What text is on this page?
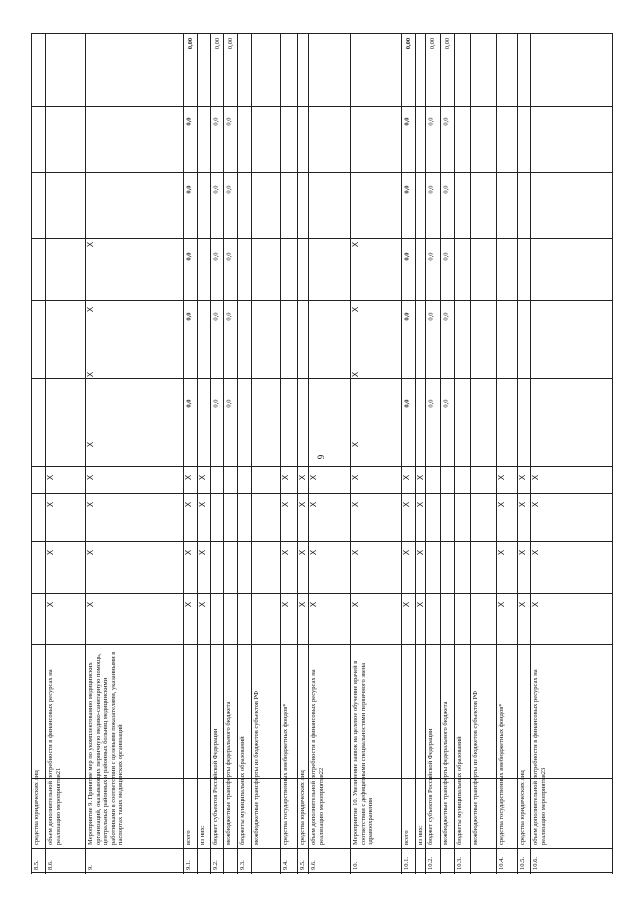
8.5.
средства юридических лиц
8.6.
объем дополнительной потребности в финансовых ресурсах на реализацию мероприятия21
X
X
X
X
9.
Мероприятие 9. Принятие мер по укомплектованию медицинских организаций, оказывающих первичную медико-санитарную помощь, центральных районных и районных больниц медицинскими работниками в соответствии с целевыми показателями, указанными в паспортах таких медицинских организаций
X
X
X
X
X
X
X
X
9.1.
всего
X
X
X
X
0,0
0,0
0,0
0,0
0,0
0,00
из них:
X
X
X
X
9.2.
бюджет субъектов Российской Федерации
0,0
0,0
0,0
0,0
0,0
0,00
межбюджетные трансферты федерального бюджета
0,0
0,0
0,0
0,0
0,0
0,00
9.3.
бюджеты муниципальных образований	межбюджетные трансферты из бюджетов субъектов РФ
9.4.
средства государственных внебюджетных фондов*
X
X
X
X
9.5.
средства юридических лиц
X
X
X
X
9.6.
объем дополнительной потребности в финансовых ресурсах на реализацию мероприятия22
X
X
X
X
10.
Мероприятие 10. Увеличение заявок на целевое обучение врачей в соответствии с дефицитными специальностями первичного звена здравоохранения
X
X
X
X
X
X
X
X
10.1.
всего
X
X
X
X
0,0
0,0
0,0
0,0
0,0
0,00
из них:
X
X
X
X
10.2.
бюджет субъектов Российской Федерации
0,0
0,0
0,0
0,0
0,0
0,00
межбюджетные трансферты федерального бюджета
0,0
0,0
0,0
0,0
0,0
0,00
10.3.
бюджеты муниципальных образований	межбюджетные трансферты из бюджетов субъектов РФ
10.4.
средства государственных внебюджетных фондов*
X
X
X
X
10.5.
средства юридических лиц
X
X
X
X
10.6.
объем дополнительной потребности в финансовых ресурсах на реализацию мероприятия23
X
X
X
X
6
